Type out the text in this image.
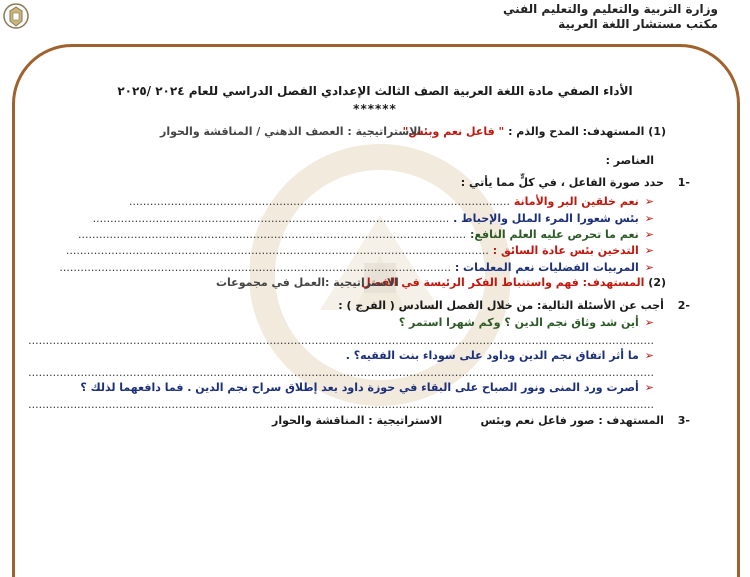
وزارة التربية والتعليم والتعليم الفني
مكتب مستشار اللغة العربية
الأداء الصفي مادة اللغة العربية الصف الثالث الإعدادي الفصل الدراسي للعام ٢٠٢٤ /٢٠٢٥
******
(1) المستهدف: المدح والذم : " فاعل نعم وبئس"
الاستراتيجية : العصف الذهني / المناقشة والحوار
العناصر :
-1 حدد صورة الفاعل ، في كلٍّ مما يأتي :
➢نعم خلقين البر والأمانة .............................................................................................................
➢بئس شعورا المرء الملل والإحباط . ......................................................................................................
➢نعم ما تحرص عليه العلم النافع: ...............................................................................................................
➢التدخين بئس عادة السائق : .........................................................................................................................
➢المربيات الفضليات نعم المعلمات : ................................................................................................................
(2) المستهدف: فهم واستنباط الفكر الرئيسة في الفصل .
الاستراتيجية :العمل في مجموعات
-2 أجب عن الأسئلة التالية: من خلال الفصل السادس ( الفرج ) :
➢أين شد وثاق نجم الدين ؟ وكم شهرا استمر ؟
...................................................................................................................................................................................
➢ما أثر اتفاق نجم الدين وداود على سوداء بنت الفقيه؟ .
...................................................................................................................................................................................
➢أصرت ورد المنى ونور الصباح على البقاء في حوزة داود بعد إطلاق سراح نجم الدين . فما دافعهما لذلك ؟
...................................................................................................................................................................................
-3 المستهدف : صور فاعل نعم وبئس
الاستراتيجية : المناقشة والحوار
